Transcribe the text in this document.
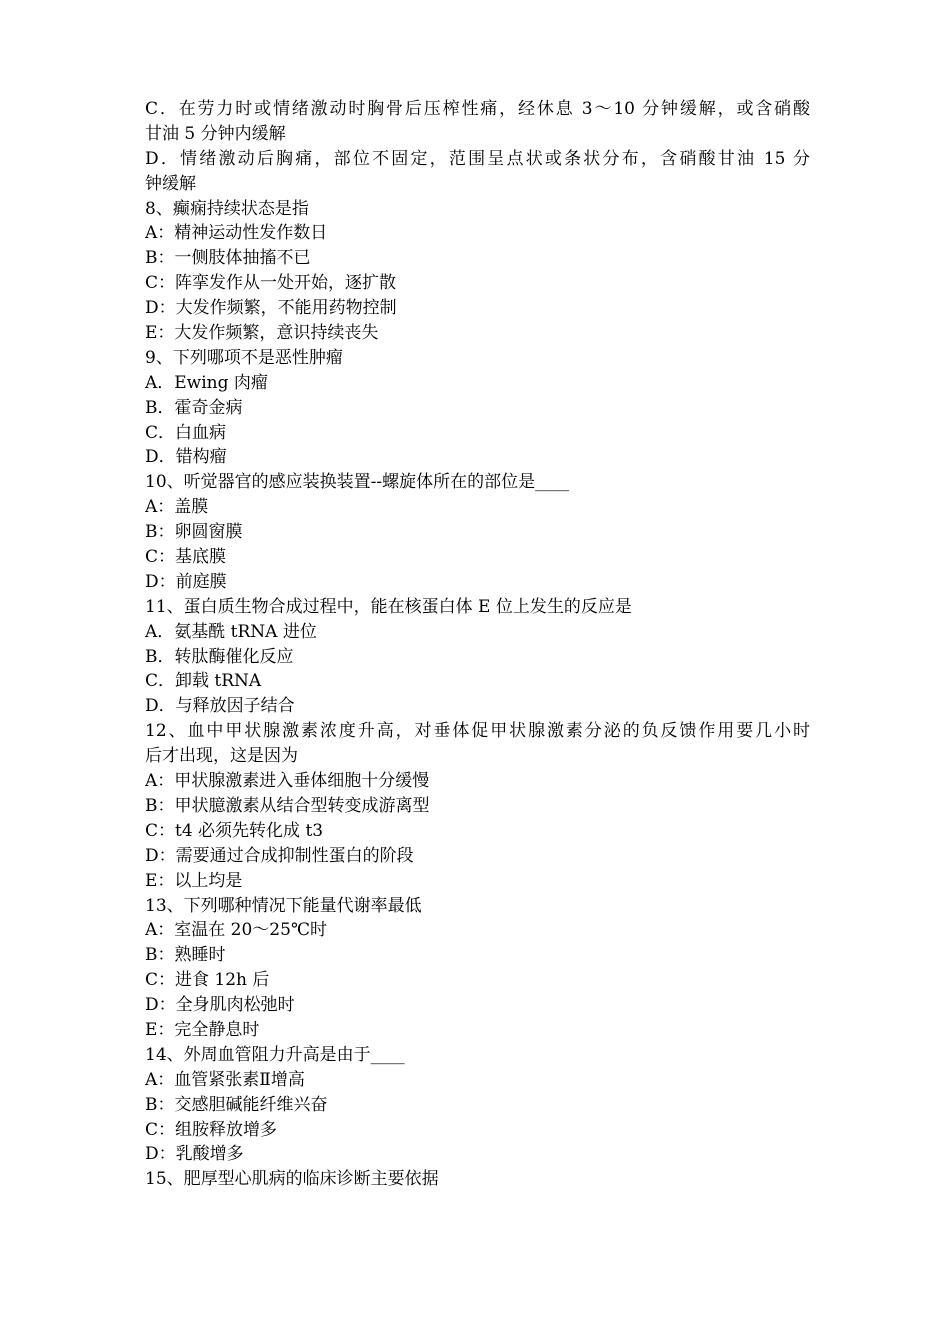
C．在劳力时或情绪激动时胸骨后压榨性痛，经休息 3～10 分钟缓解，或含硝酸
甘油 5 分钟内缓解
D．情绪激动后胸痛，部位不固定，范围呈点状或条状分布，含硝酸甘油 15 分
钟缓解
8、癫痫持续状态是指
A：精神运动性发作数日
B：一侧肢体抽搐不已
C：阵挛发作从一处开始，逐扩散
D：大发作频繁，不能用药物控制
E：大发作频繁，意识持续丧失
9、下列哪项不是恶性肿瘤
A．Ewing 肉瘤
B．霍奇金病
C．白血病
D．错构瘤
10、听觉器官的感应装换装置--螺旋体所在的部位是____
A：盖膜
B：卵圆窗膜
C：基底膜
D：前庭膜
11、蛋白质生物合成过程中，能在核蛋白体 E 位上发生的反应是
A．氨基酰 tRNA 进位
B．转肽酶催化反应
C．卸载 tRNA
D．与释放因子结合
12、血中甲状腺激素浓度升高，对垂体促甲状腺激素分泌的负反馈作用要几小时
后才出现，这是因为
A：甲状腺激素进入垂体细胞十分缓慢
B：甲状臆激素从结合型转变成游离型
C：t4 必须先转化成 t3
D：需要通过合成抑制性蛋白的阶段
E：以上均是
13、下列哪种情况下能量代谢率最低
A：室温在 20～25℃时
B：熟睡时
C：进食 12h 后
D：全身肌肉松弛时
E：完全静息时
14、外周血管阻力升高是由于____
A：血管紧张素Ⅱ增高
B：交感胆碱能纤维兴奋
C：组胺释放增多
D：乳酸增多
15、肥厚型心肌病的临床诊断主要依据
